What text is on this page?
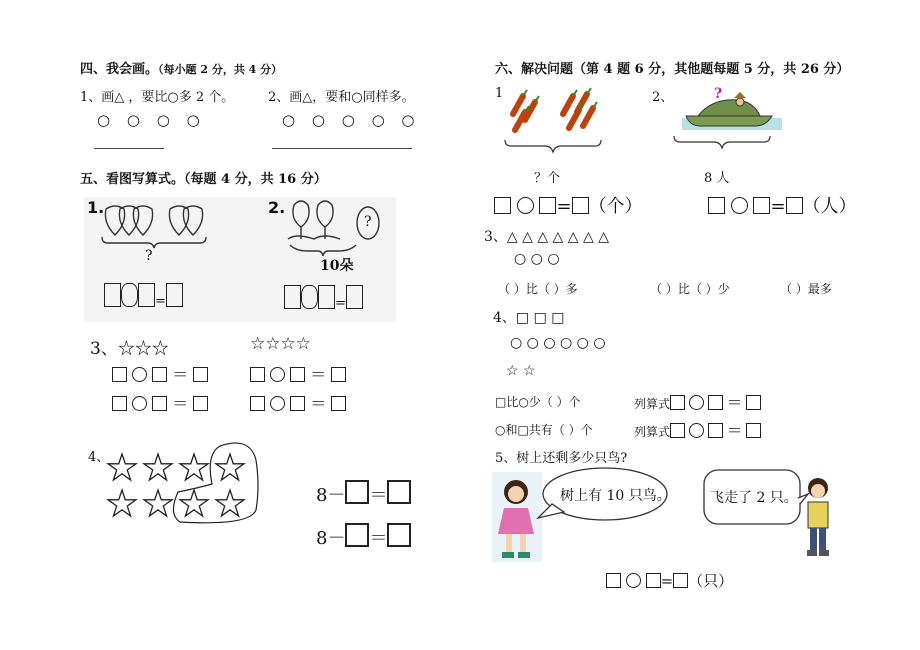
四、我会画。（每小题 2 分，共 4 分）
1、画△ ，要比○多 2 个。
○ ○ ○ ○
2、画△，要和○同样多。
○ ○ ○ ○ ○
五、看图写算式。（每题 4 分，共 16 分）
1.
?
=
2.
?
10朵
=
3、☆☆☆	☆☆☆☆
＝	＝
＝	＝
4、
8－ ＝
8－ ＝
六、解决问题（第 4 题 6 分，其他题每题 5 分，共 26 分）
1
？个
= （个）
2、	?
8 人
= （人）
3、△ △ △ △ △ △ △
○ ○ ○
（ ）比（ ）多	（ ）比（ ）少	（ ）最多
4、□ □ □
○ ○ ○ ○ ○ ○
☆ ☆
□比○少（ ）个	列算式	＝
○和□共有（ ）个	列算式	＝
5、树上还剩多少只鸟?
树上有 10 只鸟。	飞走了 2 只。
= （只）
